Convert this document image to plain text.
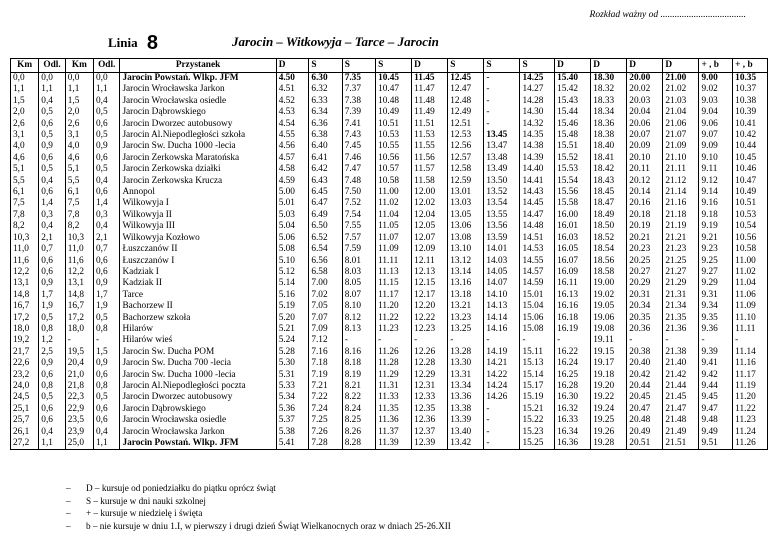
Rozkład ważny od ....................................
Linia 8	Jarocin – Witkowyja – Tarce – Jarocin
Km	Odl.	Km	Odl.	Przystanek	D	S	S	S	D	S	S	S	D	D	D	D	+ , b	+ , b
0,0	0,0	0,0	0,0	Jarocin Powstań. Wlkp. JFM	4.50	6.30	7.35	10.45	11.45	12.45	-	14.25	15.40	18.30	20.00	21.00	9.00	10.35
1,1	1,1	1,1	1,1	Jarocin Wrocławska Jarkon	4.51	6.32	7.37	10.47	11.47	12.47	-	14.27	15.42	18.32	20.02	21.02	9.02	10.37
1,5	0,4	1,5	0,4	Jarocin Wrocławska osiedle	4.52	6.33	7.38	10.48	11.48	12.48	-	14.28	15.43	18.33	20.03	21.03	9.03	10.38
2,0	0,5	2,0	0,5	Jarocin Dąbrowskiego	4.53	6.34	7.39	10.49	11.49	12.49	-	14.30	15.44	18.34	20.04	21.04	9.04	10.39
2,6	0,6	2,6	0,6	Jarocin Dworzec autobusowy	4.54	6.36	7.41	10.51	11.51	12.51	-	14.32	15.46	18.36	20.06	21.06	9.06	10.41
3,1	0,5	3,1	0,5	Jarocin Al.Niepodległości szkoła	4.55	6.38	7.43	10.53	11.53	12.53	13.45	14.35	15.48	18.38	20.07	21.07	9.07	10.42
4,0	0,9	4,0	0,9	Jarocin Św. Ducha 1000 -lecia	4.56	6.40	7.45	10.55	11.55	12.56	13.47	14.38	15.51	18.40	20.09	21.09	9.09	10.44
4,6	0,6	4,6	0,6	Jarocin Żerkowska Maratońska	4.57	6.41	7.46	10.56	11.56	12.57	13.48	14.39	15.52	18.41	20.10	21.10	9.10	10.45
5,1	0,5	5,1	0,5	Jarocin Żerkowska działki	4.58	6.42	7.47	10.57	11.57	12.58	13.49	14.40	15.53	18.42	20.11	21.11	9.11	10.46
5,5	0,4	5,5	0,4	Jarocin Żerkowska Krucza	4.59	6.43	7.48	10.58	11.58	12.59	13.50	14.41	15.54	18.43	20.12	21.12	9.12	10.47
6,1	0,6	6,1	0,6	Annopol	5.00	6.45	7.50	11.00	12.00	13.01	13.52	14.43	15.56	18.45	20.14	21.14	9.14	10.49
7,5	1,4	7,5	1,4	Wilkowyja I	5.01	6.47	7.52	11.02	12.02	13.03	13.54	14.45	15.58	18.47	20.16	21.16	9.16	10.51
7,8	0,3	7,8	0,3	Wilkowyja II	5.03	6.49	7.54	11.04	12.04	13.05	13.55	14.47	16.00	18.49	20.18	21.18	9.18	10.53
8,2	0,4	8,2	0,4	Wilkowyja III	5.04	6.50	7.55	11.05	12.05	13.06	13.56	14.48	16.01	18.50	20.19	21.19	9.19	10.54
10,3	2,1	10,3	2,1	Wilkowyja Kozłowo	5.06	6.52	7.57	11.07	12.07	13.08	13.59	14.51	16.03	18.52	20.21	21.21	9.21	10.56
11,0	0,7	11,0	0,7	Łuszczanów II	5.08	6.54	7.59	11.09	12.09	13.10	14.01	14.53	16.05	18.54	20.23	21.23	9.23	10.58
11,6	0,6	11,6	0,6	Łuszczanów I	5.10	6.56	8.01	11.11	12.11	13.12	14.03	14.55	16.07	18.56	20.25	21.25	9.25	11.00
12,2	0,6	12,2	0,6	Kadziak I	5.12	6.58	8.03	11.13	12.13	13.14	14.05	14.57	16.09	18.58	20.27	21.27	9.27	11.02
13,1	0,9	13,1	0,9	Kadziak II	5.14	7.00	8.05	11.15	12.15	13.16	14.07	14.59	16.11	19.00	20.29	21.29	9.29	11.04
14,8	1,7	14,8	1,7	Tarce	5.16	7.02	8.07	11.17	12.17	13.18	14.10	15.01	16.13	19.02	20.31	21.31	9.31	11.06
16,7	1,9	16,7	1,9	Bachorzew II	5.19	7.05	8.10	11.20	12.20	13.21	14.13	15.04	16.16	19.05	20.34	21.34	9.34	11.09
17,2	0,5	17,2	0,5	Bachorzew szkoła	5.20	7.07	8.12	11.22	12.22	13.23	14.14	15.06	16.18	19.06	20.35	21.35	9.35	11.10
18,0	0,8	18,0	0,8	Hilarów	5.21	7.09	8.13	11.23	12.23	13.25	14.16	15.08	16.19	19.08	20.36	21.36	9.36	11.11
19,2	1,2	-	-	Hilarów wieś	5.24	7.12	-	-	-	-	-	-	-	19.11	-	-	-	-
21,7	2,5	19,5	1,5	Jarocin Św. Ducha POM	5.28	7.16	8.16	11.26	12.26	13.28	14.19	15.11	16.22	19.15	20.38	21.38	9.39	11.14
22,6	0,9	20,4	0,9	Jarocin Św. Ducha 700 -lecia	5.30	7.18	8.18	11.28	12.28	13.30	14.21	15.13	16.24	19.17	20.40	21.40	9.41	11.16
23,2	0,6	21,0	0,6	Jarocin Św. Ducha 1000 -lecia	5.31	7.19	8.19	11.29	12.29	13.31	14.22	15.14	16.25	19.18	20.42	21.42	9.42	11.17
24,0	0,8	21,8	0,8	Jarocin Al.Niepodległości poczta	5.33	7.21	8.21	11.31	12.31	13.34	14.24	15.17	16.28	19.20	20.44	21.44	9.44	11.19
24,5	0,5	22,3	0,5	Jarocin Dworzec autobusowy	5.34	7.22	8.22	11.33	12.33	13.36	14.26	15.19	16.30	19.22	20.45	21.45	9.45	11.20
25,1	0,6	22,9	0,6	Jarocin Dąbrowskiego	5.36	7.24	8.24	11.35	12.35	13.38	-	15.21	16.32	19.24	20.47	21.47	9.47	11.22
25,7	0,6	23,5	0,6	Jarocin Wrocławska osiedle	5.37	7.25	8.25	11.36	12.36	13.39	-	15.22	16.33	19.25	20.48	21.48	9.48	11.23
26,1	0,4	23,9	0,4	Jarocin Wrocławska Jarkon	5.38	7.26	8.26	11.37	12.37	13.40	-	15.23	16.34	19.26	20.49	21.49	9.49	11.24
27,2	1,1	25,0	1,1	Jarocin Powstań. Wlkp. JFM	5.41	7.28	8.28	11.39	12.39	13.42	-	15.25	16.36	19.28	20.51	21.51	9.51	11.26
–	D – kursuje od poniedziałku do piątku oprócz świąt
–	S – kursuje w dni nauki szkolnej
–	+ – kursuje w niedzielę i święta
–	b – nie kursuje w dniu 1.I, w pierwszy i drugi dzień Świąt Wielkanocnych oraz w dniach 25-26.XII
